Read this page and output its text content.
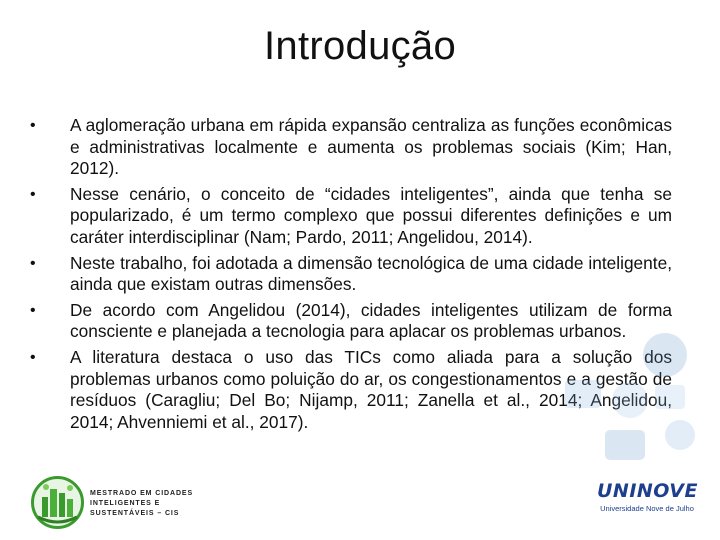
Introdução
• A aglomeração urbana em rápida expansão centraliza as funções econômicas e administrativas localmente e aumenta os problemas sociais (Kim; Han, 2012).
• Nesse cenário, o conceito de “cidades inteligentes”, ainda que tenha se popularizado, é um termo complexo que possui diferentes definições e um caráter interdisciplinar (Nam; Pardo, 2011; Angelidou, 2014).
• Neste trabalho, foi adotada a dimensão tecnológica de uma cidade inteligente, ainda que existam outras dimensões.
• De acordo com Angelidou (2014), cidades inteligentes utilizam de forma consciente e planejada a tecnologia para aplacar os problemas urbanos.
• A literatura destaca o uso das TICs como aliada para a solução dos problemas urbanos como poluição do ar, os congestionamentos e a gestão de resíduos (Caragliu; Del Bo; Nijamp, 2011; Zanella et al., 2014; Angelidou, 2014; Ahvenniemi et al., 2017).
MESTRADO EM CIDADES
INTELIGENTES E
SUSTENTÁVEIS – CIS
UNINOVE
Universidade Nove de Julho
